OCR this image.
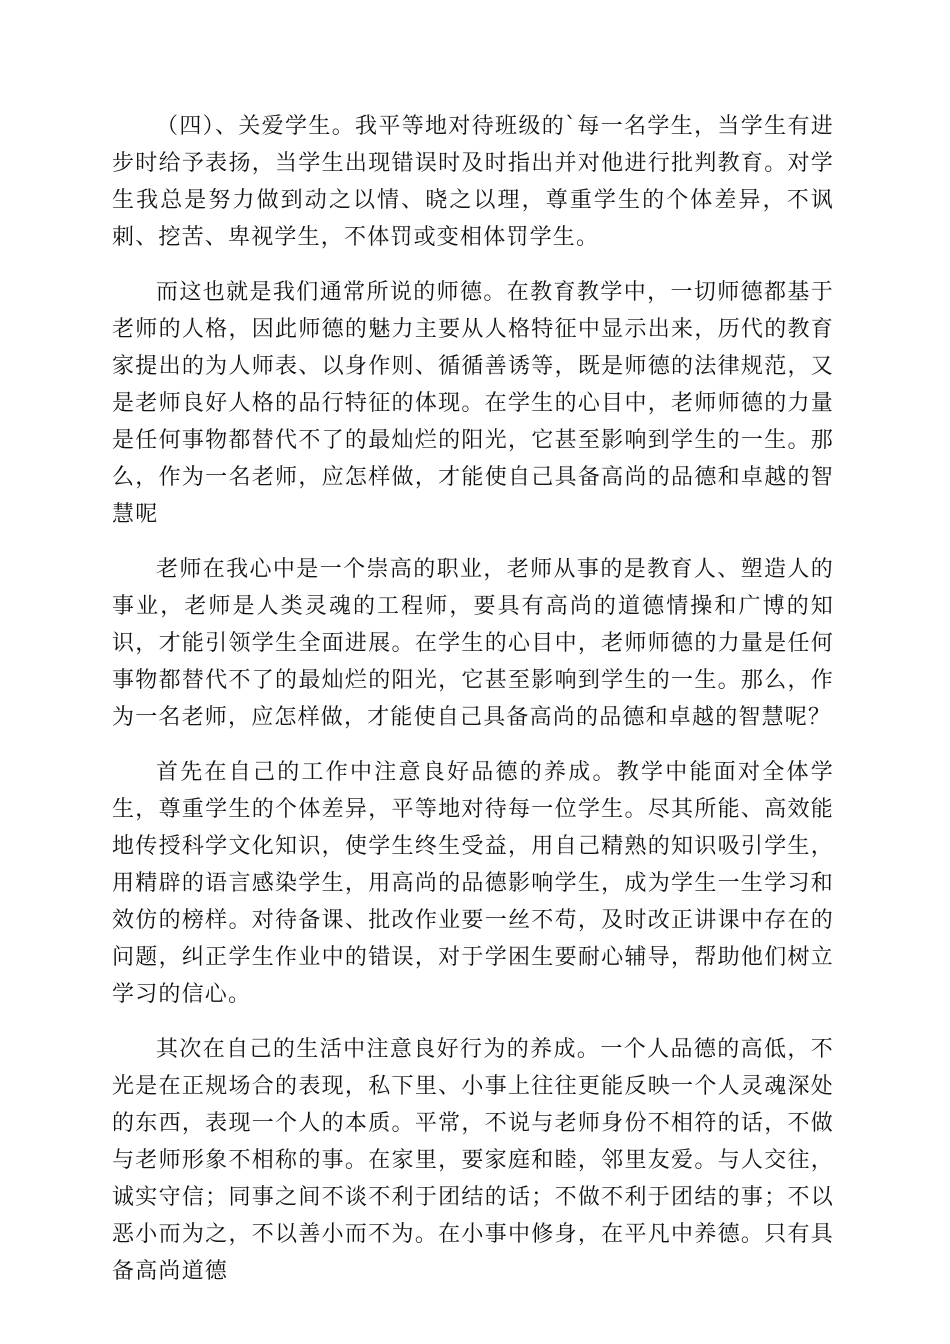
（四）、关爱学生。我平等地对待班级的`每一名学生，当学生有进步时给予表扬，当学生出现错误时及时指出并对他进行批判教育。对学生我总是努力做到动之以情、晓之以理，尊重学生的个体差异，不讽刺、挖苦、卑视学生，不体罚或变相体罚学生。

而这也就是我们通常所说的师德。在教育教学中，一切师德都基于老师的人格，因此师德的魅力主要从人格特征中显示出来，历代的教育家提出的为人师表、以身作则、循循善诱等，既是师德的法律规范，又是老师良好人格的品行特征的体现。在学生的心目中，老师师德的力量是任何事物都替代不了的最灿烂的阳光，它甚至影响到学生的一生。那么，作为一名老师，应怎样做，才能使自己具备高尚的品德和卓越的智慧呢

老师在我心中是一个崇高的职业，老师从事的是教育人、塑造人的事业，老师是人类灵魂的工程师，要具有高尚的道德情操和广博的知识，才能引领学生全面进展。在学生的心目中，老师师德的力量是任何事物都替代不了的最灿烂的阳光，它甚至影响到学生的一生。那么，作为一名老师，应怎样做，才能使自己具备高尚的品德和卓越的智慧呢？

首先在自己的工作中注意良好品德的养成。教学中能面对全体学生，尊重学生的个体差异，平等地对待每一位学生。尽其所能、高效能地传授科学文化知识，使学生终生受益，用自己精熟的知识吸引学生，用精辟的语言感染学生，用高尚的品德影响学生，成为学生一生学习和效仿的榜样。对待备课、批改作业要一丝不苟，及时改正讲课中存在的问题，纠正学生作业中的错误，对于学困生要耐心辅导，帮助他们树立学习的信心。

其次在自己的生活中注意良好行为的养成。一个人品德的高低，不光是在正规场合的表现，私下里、小事上往往更能反映一个人灵魂深处的东西，表现一个人的本质。平常，不说与老师身份不相符的话，不做与老师形象不相称的事。在家里，要家庭和睦，邻里友爱。与人交往，诚实守信；同事之间不谈不利于团结的话；不做不利于团结的事；不以恶小而为之，不以善小而不为。在小事中修身，在平凡中养德。只有具备高尚道德
